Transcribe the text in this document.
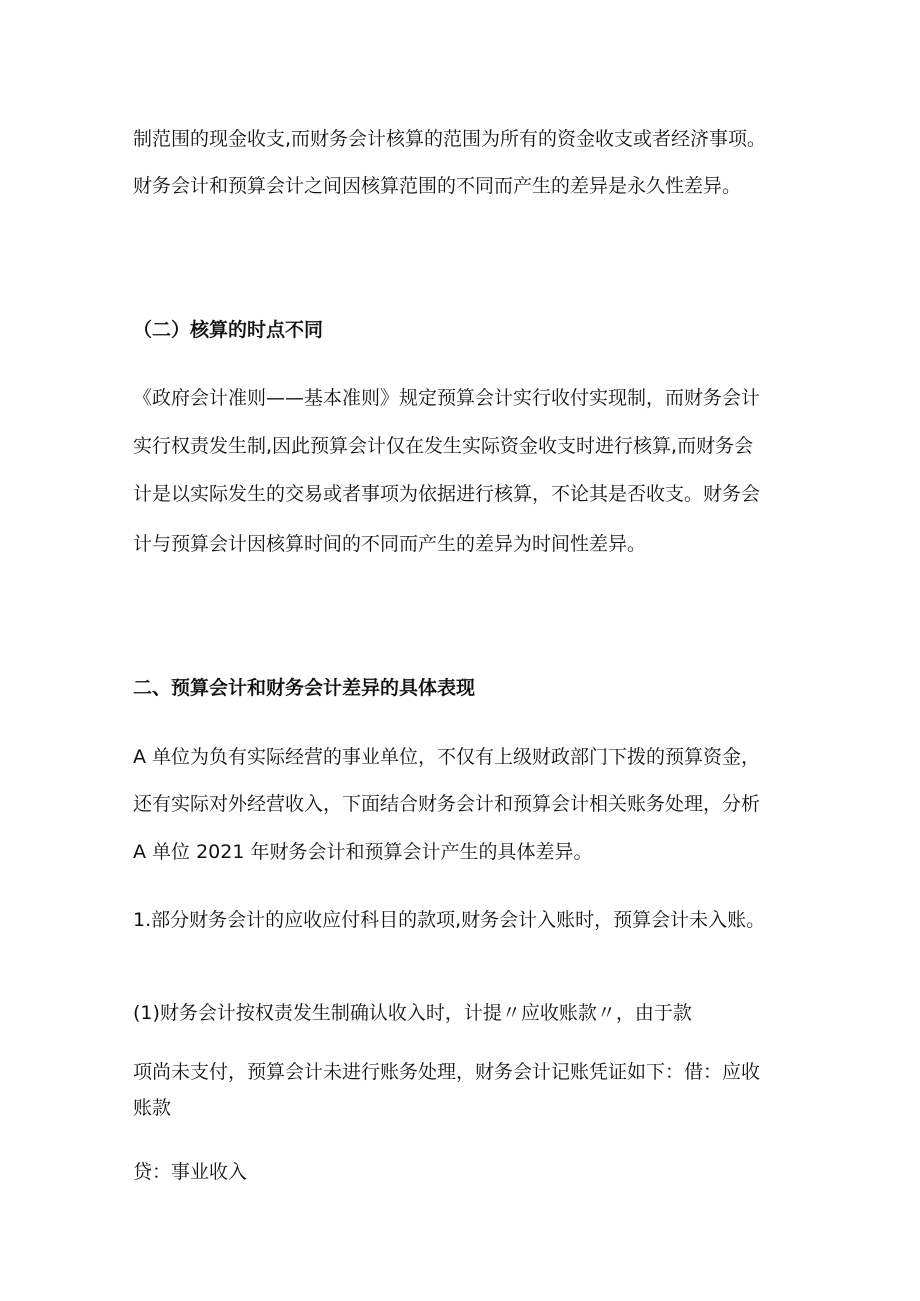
制范围的现金收支,而财务会计核算的范围为所有的资金收支或者经济事项。
财务会计和预算会计之间因核算范围的不同而产生的差异是永久性差异。
（二）核算的时点不同
《政府会计准则——基本准则》规定预算会计实行收付实现制，而财务会计
实行权责发生制,因此预算会计仅在发生实际资金收支时进行核算,而财务会
计是以实际发生的交易或者事项为依据进行核算，不论其是否收支。财务会
计与预算会计因核算时间的不同而产生的差异为时间性差异。
二、预算会计和财务会计差异的具体表现
A 单位为负有实际经营的事业单位，不仅有上级财政部门下拨的预算资金，
还有实际对外经营收入，下面结合财务会计和预算会计相关账务处理，分析
A 单位 2021 年财务会计和预算会计产生的具体差异。
1.部分财务会计的应收应付科目的款项,财务会计入账时，预算会计未入账。
(1)财务会计按权责发生制确认收入时，计提〃应收账款〃，由于款
项尚未支付，预算会计未进行账务处理，财务会计记账凭证如下：借：应收
账款
贷：事业收入
